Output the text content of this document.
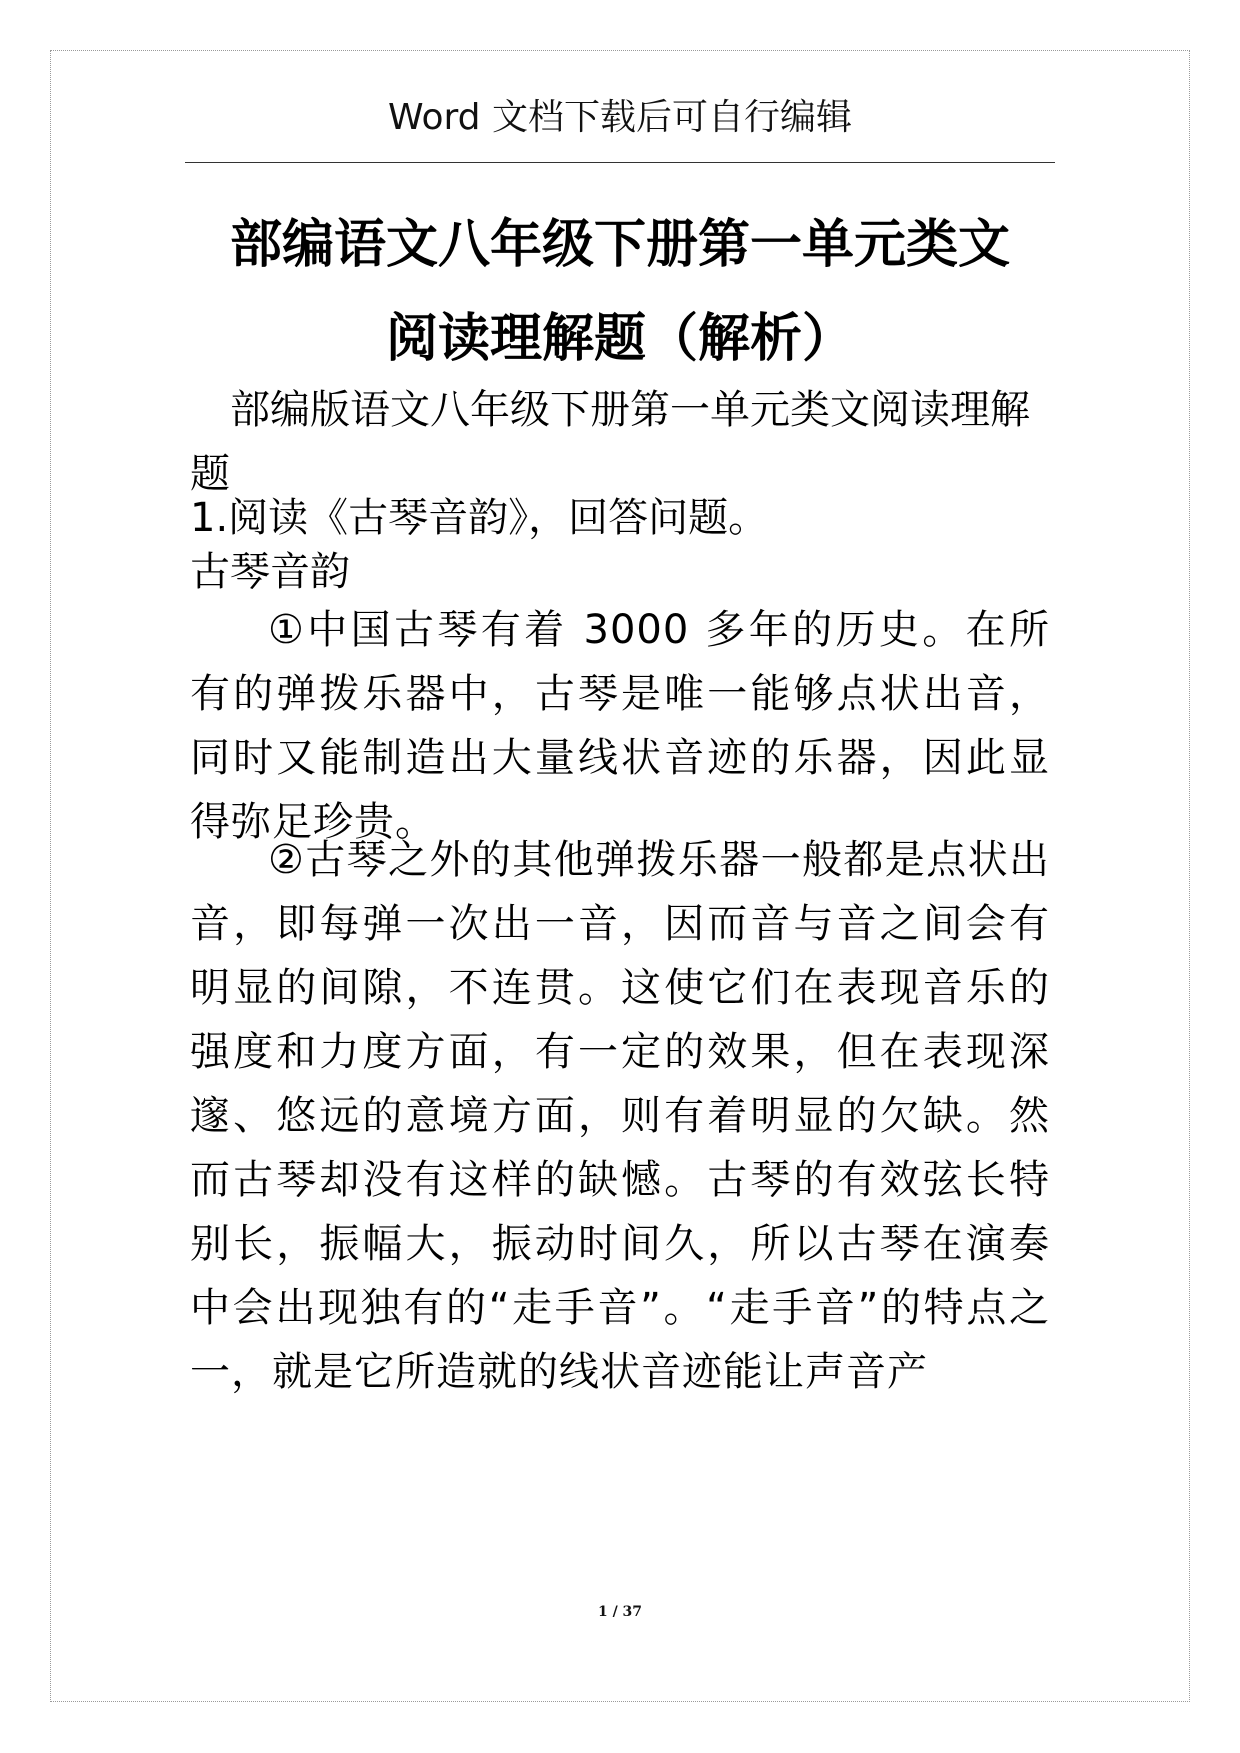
Word 文档下载后可自行编辑
部编语文八年级下册第一单元类文
阅读理解题（解析）

部编版语文八年级下册第一单元类文阅读理解题

1.阅读《古琴音韵》，回答问题。

古琴音韵

①中国古琴有着 3000 多年的历史。在所有的弹拨乐器中，古琴是唯一能够点状出音，同时又能制造出大量线状音迹的乐器，因此显得弥足珍贵。

②古琴之外的其他弹拨乐器一般都是点状出音，即每弹一次出一音，因而音与音之间会有明显的间隙，不连贯。这使它们在表现音乐的强度和力度方面，有一定的效果，但在表现深邃、悠远的意境方面，则有着明显的欠缺。然而古琴却没有这样的缺憾。古琴的有效弦长特别长，振幅大，振动时间久，所以古琴在演奏中会出现独有的“走手音”。“走手音”的特点之一，就是它所造就的线状音迹能让声音产

1 / 37
